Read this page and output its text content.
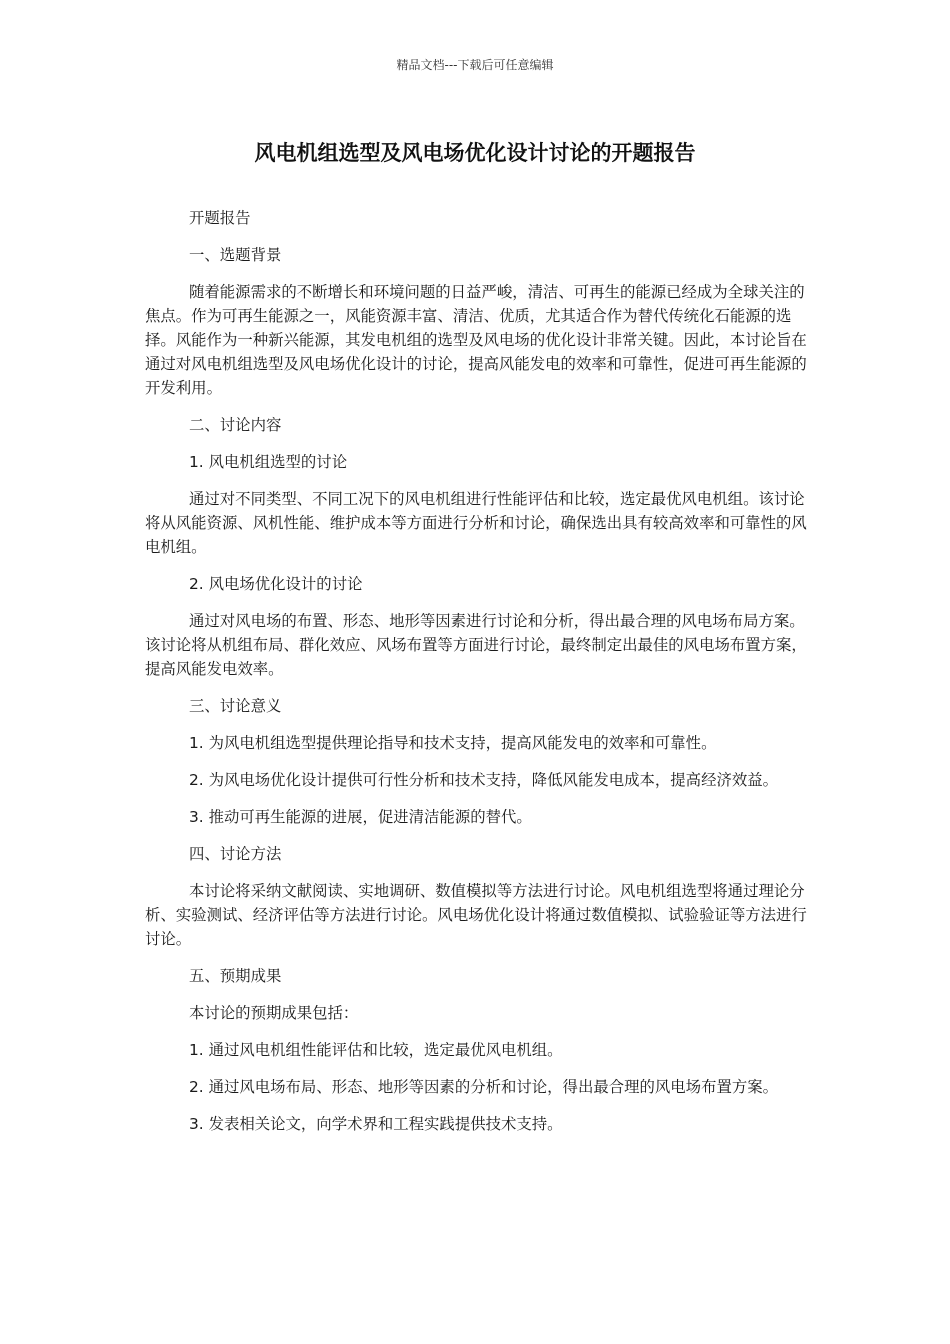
精品文档---下载后可任意编辑
风电机组选型及风电场优化设计讨论的开题报告

开题报告

一、选题背景

随着能源需求的不断增长和环境问题的日益严峻，清洁、可再生的能源已经成为全球关注的焦点。作为可再生能源之一，风能资源丰富、清洁、优质，尤其适合作为替代传统化石能源的选择。风能作为一种新兴能源，其发电机组的选型及风电场的优化设计非常关键。因此，本讨论旨在通过对风电机组选型及风电场优化设计的讨论，提高风能发电的效率和可靠性，促进可再生能源的开发利用。

二、讨论内容

1. 风电机组选型的讨论

通过对不同类型、不同工况下的风电机组进行性能评估和比较，选定最优风电机组。该讨论将从风能资源、风机性能、维护成本等方面进行分析和讨论，确保选出具有较高效率和可靠性的风电机组。

2. 风电场优化设计的讨论

通过对风电场的布置、形态、地形等因素进行讨论和分析，得出最合理的风电场布局方案。该讨论将从机组布局、群化效应、风场布置等方面进行讨论，最终制定出最佳的风电场布置方案，提高风能发电效率。

三、讨论意义

1. 为风电机组选型提供理论指导和技术支持，提高风能发电的效率和可靠性。

2. 为风电场优化设计提供可行性分析和技术支持，降低风能发电成本，提高经济效益。

3. 推动可再生能源的进展，促进清洁能源的替代。

四、讨论方法

本讨论将采纳文献阅读、实地调研、数值模拟等方法进行讨论。风电机组选型将通过理论分析、实验测试、经济评估等方法进行讨论。风电场优化设计将通过数值模拟、试验验证等方法进行讨论。

五、预期成果

本讨论的预期成果包括：

1. 通过风电机组性能评估和比较，选定最优风电机组。

2. 通过风电场布局、形态、地形等因素的分析和讨论，得出最合理的风电场布置方案。

3. 发表相关论文，向学术界和工程实践提供技术支持。
